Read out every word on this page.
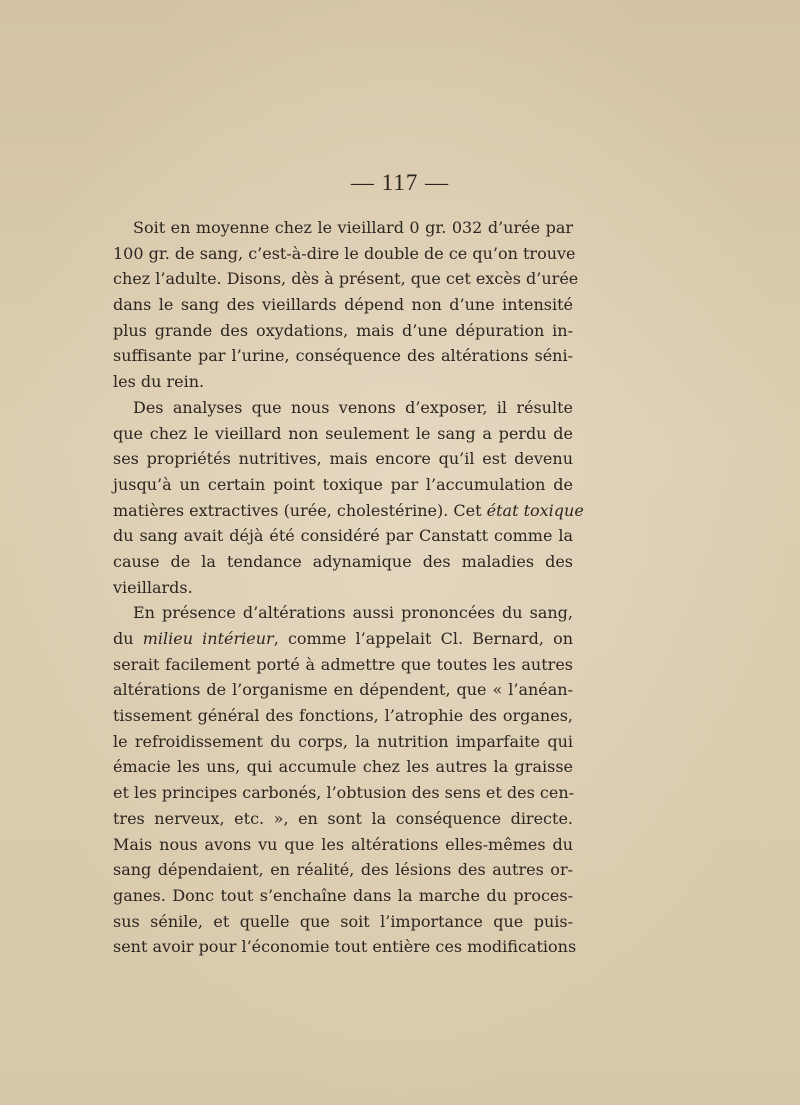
— 117 —
Soit en moyenne chez le vieillard 0 gr. 032 d’urée par
100 gr. de sang, c’est-à-dire le double de ce qu’on trouve
chez l’adulte. Disons, dès à présent, que cet excès d’urée
dans le sang des vieillards dépend non d’une intensité
plus grande des oxydations, mais d’une dépuration in-
suffisante par l’urine, conséquence des altérations séni-
les du rein.
Des analyses que nous venons d’exposer, il résulte
que chez le vieillard non seulement le sang a perdu de
ses propriétés nutritives, mais encore qu’il est devenu
jusqu’à un certain point toxique par l’accumulation de
matières extractives (urée, cholestérine). Cet état toxique
du sang avait déjà été considéré par Canstatt comme la
cause de la tendance adynamique des maladies des
vieillards.
En présence d’altérations aussi prononcées du sang,
du milieu intérieur, comme l’appelait Cl. Bernard, on
serait facilement porté à admettre que toutes les autres
altérations de l’organisme en dépendent, que « l’anéan-
tissement général des fonctions, l’atrophie des organes,
le refroidissement du corps, la nutrition imparfaite qui
émacie les uns, qui accumule chez les autres la graisse
et les principes carbonés, l’obtusion des sens et des cen-
tres nerveux, etc. », en sont la conséquence directe.
Mais nous avons vu que les altérations elles-mêmes du
sang dépendaient, en réalité, des lésions des autres or-
ganes. Donc tout s’enchaîne dans la marche du proces-
sus sénile, et quelle que soit l’importance que puis-
sent avoir pour l’économie tout entière ces modifications
